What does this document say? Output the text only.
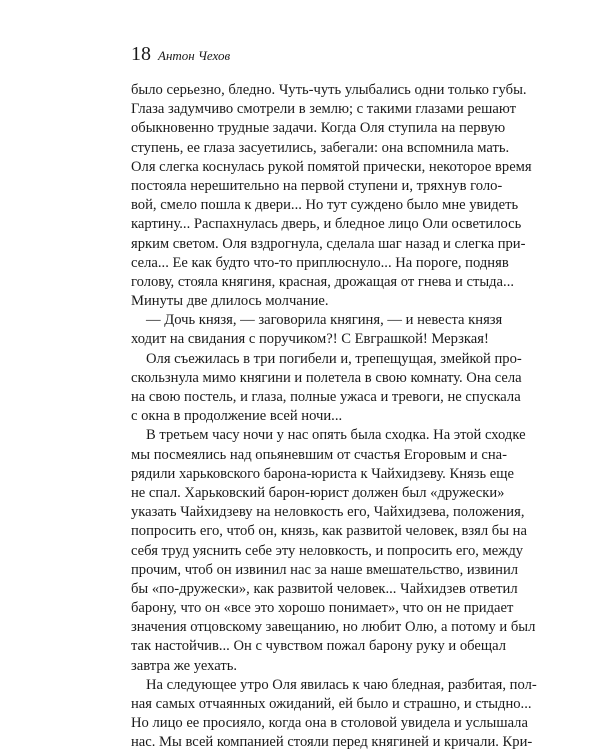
18 Антон Чехов
было серьезно, бледно. Чуть-чуть улыбались одни только губы.
Глаза задумчиво смотрели в землю; с такими глазами решают
обыкновенно трудные задачи. Когда Оля ступила на первую
ступень, ее глаза засуетились, забегали: она вспомнила мать.
Оля слегка коснулась рукой помятой прически, некоторое время
постояла нерешительно на первой ступени и, тряхнув голо-
вой, смело пошла к двери... Но тут суждено было мне увидеть
картину... Распахнулась дверь, и бледное лицо Оли осветилось
ярким светом. Оля вздрогнула, сделала шаг назад и слегка при-
села... Ее как будто что-то приплюснуло... На пороге, подняв
голову, стояла княгиня, красная, дрожащая от гнева и стыда...
Минуты две длилось молчание.
— Дочь князя, — заговорила княгиня, — и невеста князя
ходит на свидания с поручиком?! С Евграшкой! Мерзкая!
Оля съежилась в три погибели и, трепещущая, змейкой про-
скользнула мимо княгини и полетела в свою комнату. Она села
на свою постель, и глаза, полные ужаса и тревоги, не спускала
с окна в продолжение всей ночи...
В третьем часу ночи у нас опять была сходка. На этой сходке
мы посмеялись над опьяневшим от счастья Егоровым и сна-
рядили харьковского барона-юриста к Чайхидзеву. Князь еще
не спал. Харьковский барон-юрист должен был «дружески»
указать Чайхидзеву на неловкость его, Чайхидзева, положения,
попросить его, чтоб он, князь, как развитой человек, взял бы на
себя труд уяснить себе эту неловкость, и попросить его, между
прочим, чтоб он извинил нас за наше вмешательство, извинил
бы «по-дружески», как развитой человек... Чайхидзев ответил
барону, что он «все это хорошо понимает», что он не придает
значения отцовскому завещанию, но любит Олю, а потому и был
так настойчив... Он с чувством пожал барону руку и обещал
завтра же уехать.
На следующее утро Оля явилась к чаю бледная, разбитая, пол-
ная самых отчаянных ожиданий, ей было и страшно, и стыдно...
Но лицо ее просияло, когда она в столовой увидела и услышала
нас. Мы всей компанией стояли перед княгиней и кричали. Кри-
